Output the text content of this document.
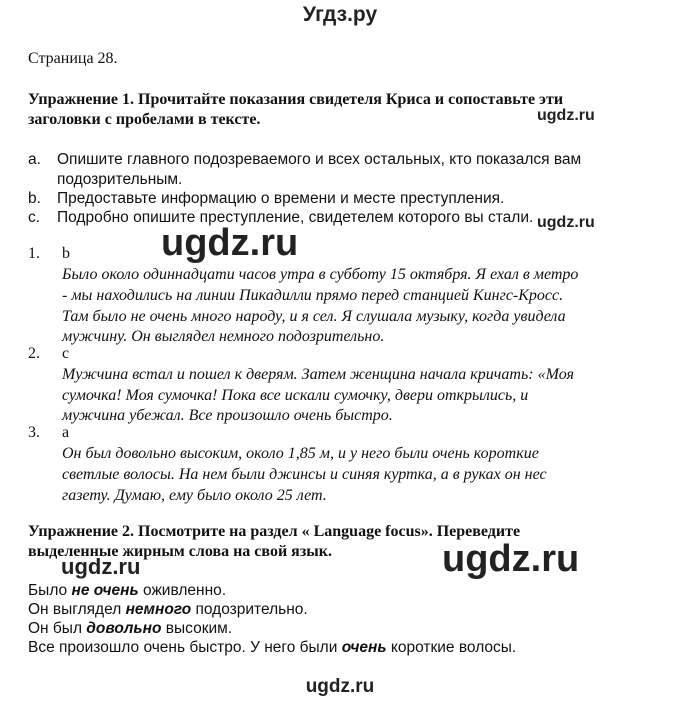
Угдз.ру
Страница 28.
Упражнение 1. Прочитайте показания свидетеля Криса и сопоставьте эти
заголовки с пробелами в тексте.	ugdz.ru
a. Опишите главного подозреваемого и всех остальных, кто показался вам
подозрительным.
b. Предоставьте информацию о времени и месте преступления.
c. Подробно опишите преступление, свидетелем которого вы стали. ugdz.ru
ugdz.ru
1. b
Было около одиннадцати часов утра в субботу 15 октября. Я ехал в метро
- мы находились на линии Пикадилли прямо перед станцией Кингс-Кросс.
Там было не очень много народу, и я сел. Я слушала музыку, когда увидела
мужчину. Он выглядел немного подозрительно.
2. c
Мужчина встал и пошел к дверям. Затем женщина начала кричать: «Моя
сумочка! Моя сумочка! Пока все искали сумочку, двери открылись, и
мужчина убежал. Все произошло очень быстро.
3. a
Он был довольно высоким, около 1,85 м, и у него были очень короткие
светлые волосы. На нем были джинсы и синяя куртка, а в руках он нес
газету. Думаю, ему было около 25 лет.
Упражнение 2. Посмотрите на раздел « Language focus». Переведите
выделенные жирным слова на свой язык.	ugdz.ru
ugdz.ru
Было не очень оживленно.
Он выглядел немного подозрительно.
Он был довольно высоким.
Все произошло очень быстро. У него были очень короткие волосы.
ugdz.ru
